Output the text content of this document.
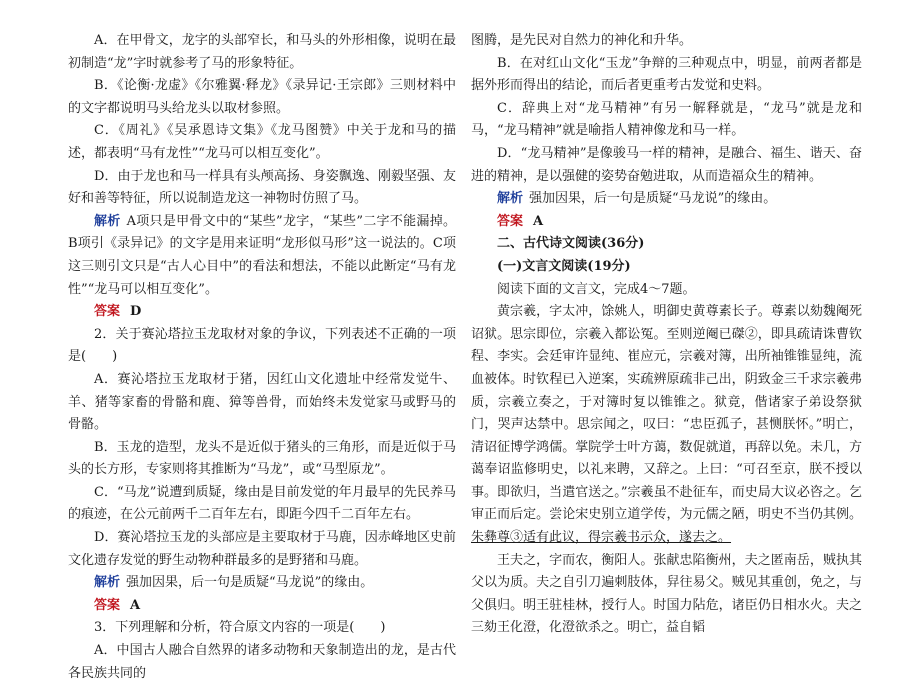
A．在甲骨文，龙字的头部窄长，和马头的外形相像，说明在最初制造“龙”字时就参考了马的形象特征。
B．《论衡·龙虚》《尔雅翼·释龙》《录异记·王宗郎》三则材料中的文字都说明马头给龙头以取材参照。
C．《周礼》《吴承恩诗文集》《龙马图赞》中关于龙和马的描述，都表明“马有龙性”“龙马可以相互变化”。
D．由于龙也和马一样具有头颅高扬、身姿飘逸、刚毅坚强、友好和善等特征，所以说制造龙这一神物时仿照了马。
解析 A项只是甲骨文中的“某些”龙字，“某些”二字不能漏掉。B项引《录异记》的文字是用来证明“龙形似马形”这一说法的。C项这三则引文只是“古人心目中”的看法和想法，不能以此断定“马有龙性”“龙马可以相互变化”。
答案 D
2．关于赛沁塔拉玉龙取材对象的争议，下列表述不正确的一项是(　　)
A．赛沁塔拉玉龙取材于猪，因红山文化遗址中经常发觉牛、羊、猪等家畜的骨骼和鹿、獐等兽骨，而始终未发觉家马或野马的骨骼。
B．玉龙的造型，龙头不是近似于猪头的三角形，而是近似于马头的长方形，专家则将其推断为“马龙”，或“马型原龙”。
C．“马龙”说遭到质疑，缘由是目前发觉的年月最早的先民养马的痕迹，在公元前两千二百年左右，即距今四千二百年左右。
D．赛沁塔拉玉龙的头部应是主要取材于马鹿，因赤峰地区史前文化遗存发觉的野生动物种群最多的是野猪和马鹿。
解析 强加因果，后一句是质疑“马龙说”的缘由。
答案 A
3．下列理解和分析，符合原文内容的一项是(　　)
A．中国古人融合自然界的诸多动物和天象制造出的龙，是古代各民族共同的
图腾，是先民对自然力的神化和升华。
B．在对红山文化“玉龙”争辩的三种观点中，明显，前两者都是据外形而得出的结论，而后者更重考古发觉和史料。
C．辞典上对“龙马精神”有另一解释就是，“龙马”就是龙和马，“龙马精神”就是喻指人精神像龙和马一样。
D．“龙马精神”是像骏马一样的精神，是融合、福生、谐天、奋进的精神，是以强健的姿势奋勉进取，从而造福众生的精神。
解析 强加因果，后一句是质疑“马龙说”的缘由。
答案 A
二、古代诗文阅读(36分)
(一)文言文阅读(19分)
阅读下面的文言文，完成4～7题。
黄宗羲，字太冲，馀姚人，明御史黄尊素长子。尊素以劾魏阉死诏狱。思宗即位，宗羲入都讼冤。至则逆阉已磔②，即具疏请诛曹钦程、李实。会廷审许显纯、崔应元，宗羲对簿，出所袖锥锥显纯，流血被体。时钦程已入逆案，实疏辨原疏非己出，阴致金三千求宗羲弗质，宗羲立奏之，于对簿时复以锥锥之。狱竟，偕诸家子弟设祭狱门，哭声达禁中。思宗闻之，叹曰：“忠臣孤子，甚恻朕怀。”明亡，清诏征博学鸿儒。掌院学士叶方蔼，数促就道，再辞以免。未几，方蔼奉诏监修明史，以礼来聘，又辞之。上曰：“可召至京，朕不授以事。即欲归，当遣官送之。”宗羲虽不赴征车，而史局大议必咨之。乞审正而后定。尝论宋史别立道学传，为元儒之陋，明史不当仍其例。朱彝尊③适有此议，得宗羲书示众，遂去之。
王夫之，字而农，衡阳人。张献忠陷衡州，夫之匿南岳，贼执其父以为质。夫之自引刀遍刺肢体，舁往易父。贼见其重创，免之，与父俱归。明王驻桂林，授行人。时国力阽危，诸臣仍日相水火。夫之三劾王化澄，化澄欲杀之。明亡，益自韬
